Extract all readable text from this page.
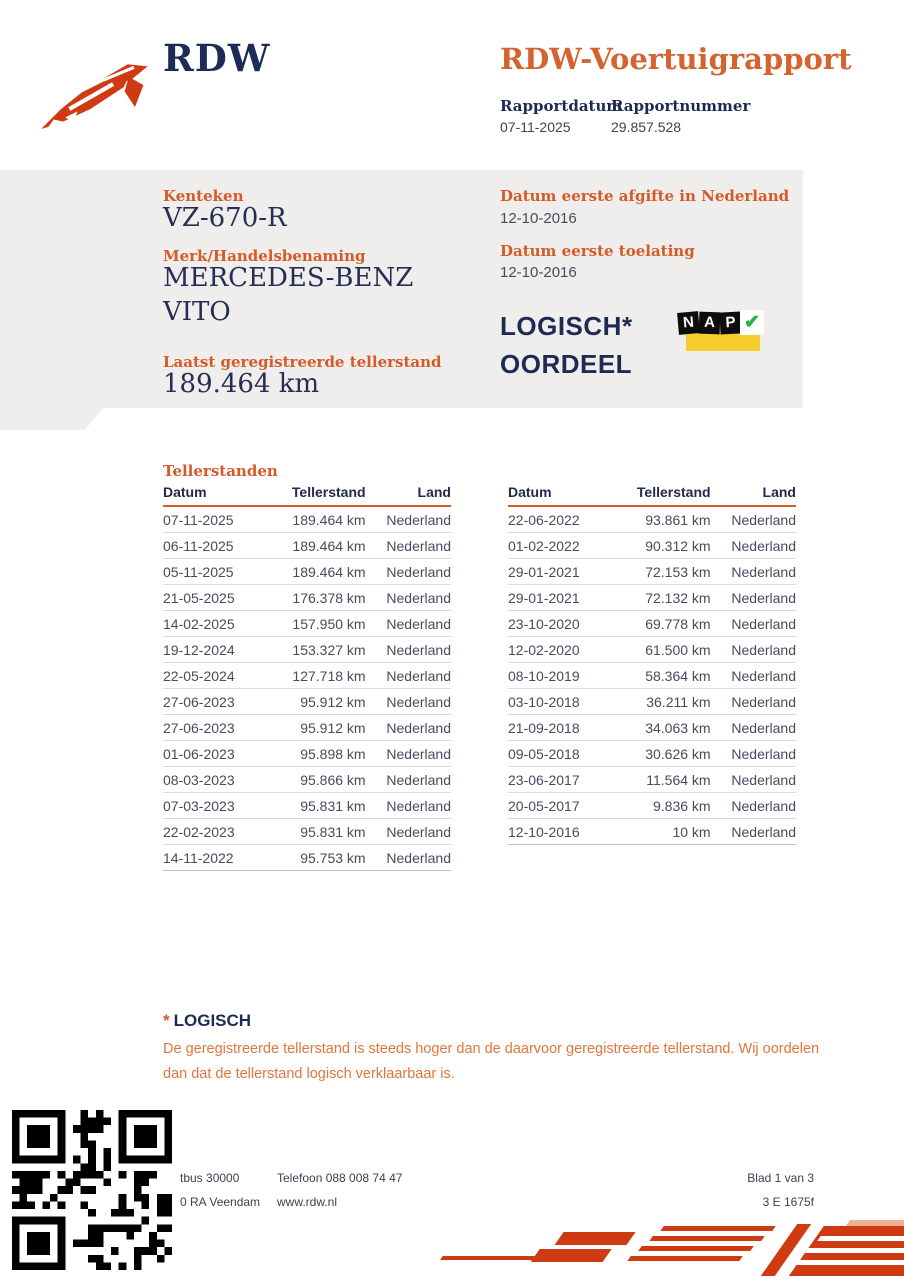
RDW	RDW-Voertuigrapport
Rapportdatum
Rapportnummer
07-11-2025	29.857.528
Kenteken
VZ-670-R
Merk/Handelsbenaming
MERCEDES-BENZ
VITO
Laatst geregistreerde tellerstand
189.464 km
Datum eerste afgifte in Nederland
12-10-2016
Datum eerste toelating
12-10-2016
LOGISCH*
OORDEEL
N A P ✔
Tellerstanden
Datum	Tellerstand	Land
07-11-2025	189.464 km	Nederland
06-11-2025	189.464 km	Nederland
05-11-2025	189.464 km	Nederland
21-05-2025	176.378 km	Nederland
14-02-2025	157.950 km	Nederland
19-12-2024	153.327 km	Nederland
22-05-2024	127.718 km	Nederland
27-06-2023	95.912 km	Nederland
27-06-2023	95.912 km	Nederland
01-06-2023	95.898 km	Nederland
08-03-2023	95.866 km	Nederland
07-03-2023	95.831 km	Nederland
22-02-2023	95.831 km	Nederland
14-11-2022	95.753 km	Nederland
Datum	Tellerstand	Land
22-06-2022	93.861 km	Nederland
01-02-2022	90.312 km	Nederland
29-01-2021	72.153 km	Nederland
29-01-2021	72.132 km	Nederland
23-10-2020	69.778 km	Nederland
12-02-2020	61.500 km	Nederland
08-10-2019	58.364 km	Nederland
03-10-2018	36.211 km	Nederland
21-09-2018	34.063 km	Nederland
09-05-2018	30.626 km	Nederland
23-06-2017	11.564 km	Nederland
20-05-2017	9.836 km	Nederland
12-10-2016	10 km	Nederland
* LOGISCH
De geregistreerde tellerstand is steeds hoger dan de daarvoor geregistreerde tellerstand. Wij oordelen dan dat de tellerstand logisch verklaarbaar is.
tbus 30000
0 RA Veendam
Telefoon 088 008 74 47
www.rdw.nl
Blad 1 van 3
3 E 1675f
